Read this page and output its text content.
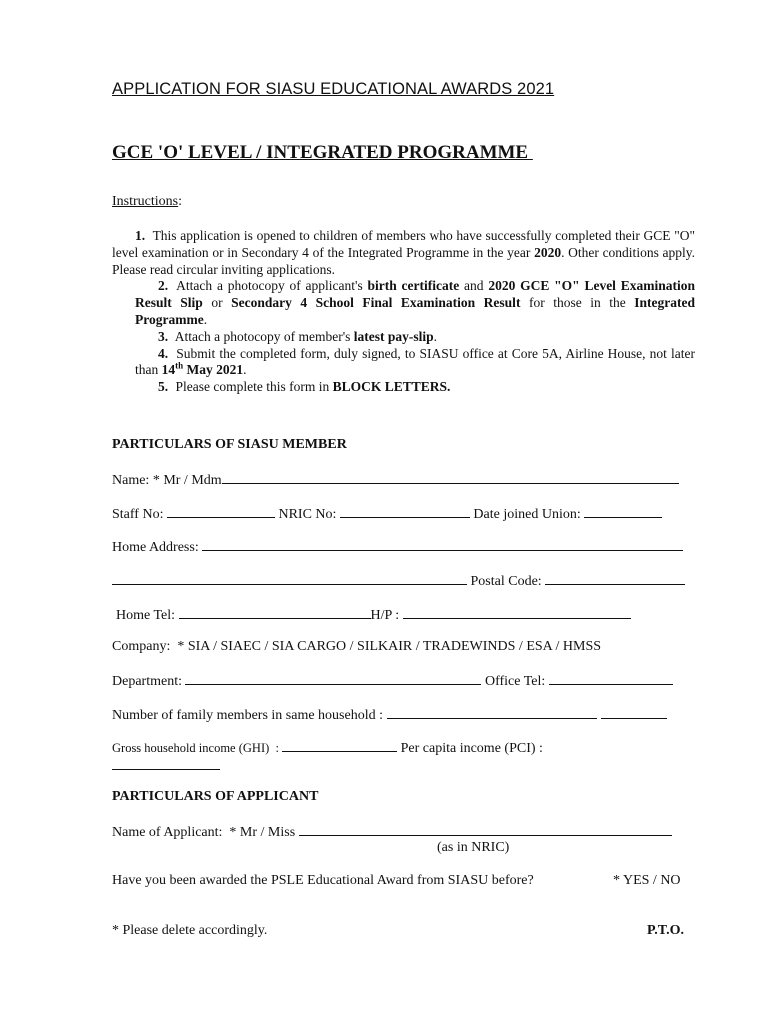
APPLICATION FOR SIASU EDUCATIONAL AWARDS 2021
GCE 'O' LEVEL / INTEGRATED PROGRAMME
Instructions:

1. This application is opened to children of members who have successfully completed their GCE "O" level examination or in Secondary 4 of the Integrated Programme in the year 2020. Other conditions apply. Please read circular inviting applications.

2. Attach a photocopy of applicant's birth certificate and 2020 GCE "O" Level Examination Result Slip or Secondary 4 School Final Examination Result for those in the Integrated Programme.

3. Attach a photocopy of member's latest pay-slip.

4. Submit the completed form, duly signed, to SIASU office at Core 5A, Airline House, not later than 14th May 2021.

5. Please complete this form in BLOCK LETTERS.

PARTICULARS OF SIASU MEMBER
Name: * Mr / Mdm
Staff No:	NRIC No:	Date joined Union:
Home Address:
Postal Code:
Home Tel:	H/P :
Company:  * SIA / SIAEC / SIA CARGO / SILKAIR / TRADEWINDS / ESA / HMSS
Department:	Office Tel:
Number of family members in same household :
Gross household income (GHI)  :	Per capita income (PCI) :
PARTICULARS OF APPLICANT
Name of Applicant:  * Mr / Miss
(as in NRIC)
Have you been awarded the PSLE Educational Award from SIASU before?	* YES / NO
* Please delete accordingly.	P.T.O.
